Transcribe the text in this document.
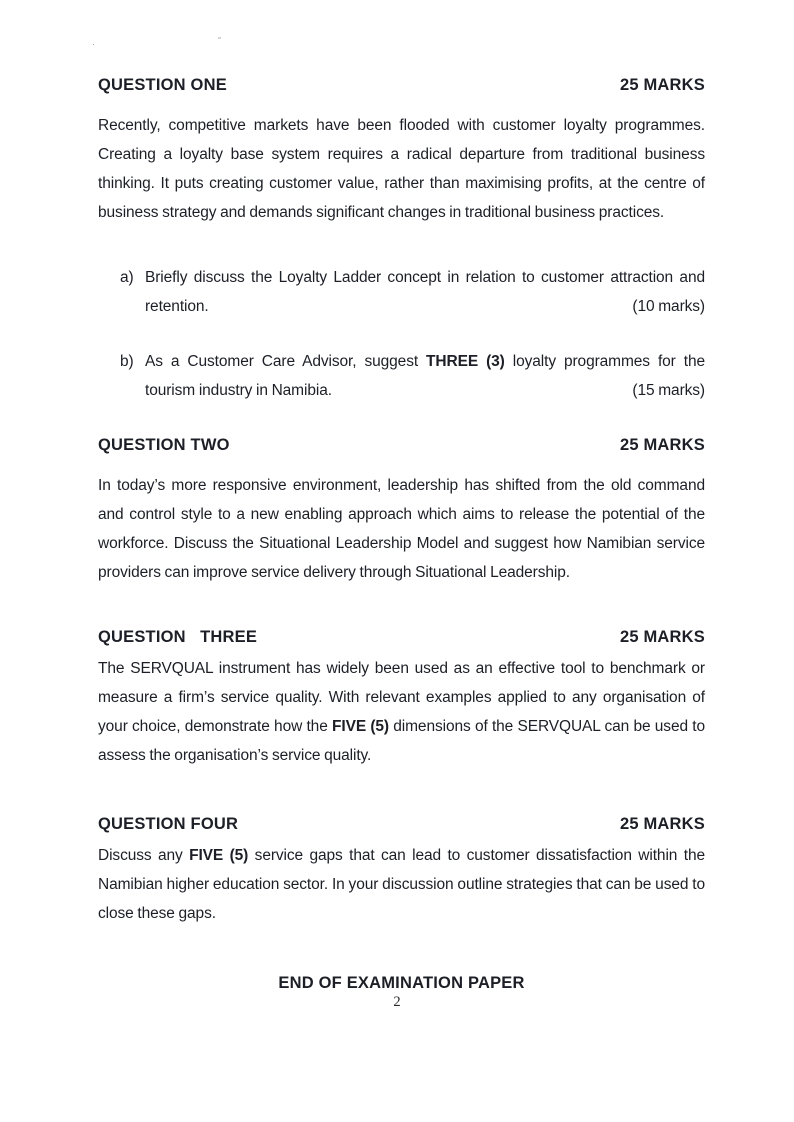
·	″
QUESTION ONE	25 MARKS

Recently, competitive markets have been flooded with customer loyalty programmes. Creating a loyalty base system requires a radical departure from traditional business thinking. It puts creating customer value, rather than maximising profits, at the centre of business strategy and demands significant changes in traditional business practices.

a) Briefly discuss the Loyalty Ladder concept in relation to customer attraction and retention.	(10 marks)
b) As a Customer Care Advisor, suggest THREE (3) loyalty programmes for the tourism industry in Namibia.	(15 marks)
QUESTION TWO	25 MARKS

In today’s more responsive environment, leadership has shifted from the old command and control style to a new enabling approach which aims to release the potential of the workforce. Discuss the Situational Leadership Model and suggest how Namibian service providers can improve service delivery through Situational Leadership.

QUESTION   THREE	25 MARKS

The SERVQUAL instrument has widely been used as an effective tool to benchmark or measure a firm’s service quality. With relevant examples applied to any organisation of your choice, demonstrate how the FIVE (5) dimensions of the SERVQUAL can be used to assess the organisation’s service quality.

QUESTION FOUR	25 MARKS

Discuss any FIVE (5) service gaps that can lead to customer dissatisfaction within the Namibian higher education sector. In your discussion outline strategies that can be used to close these gaps.

END OF EXAMINATION PAPER
2
